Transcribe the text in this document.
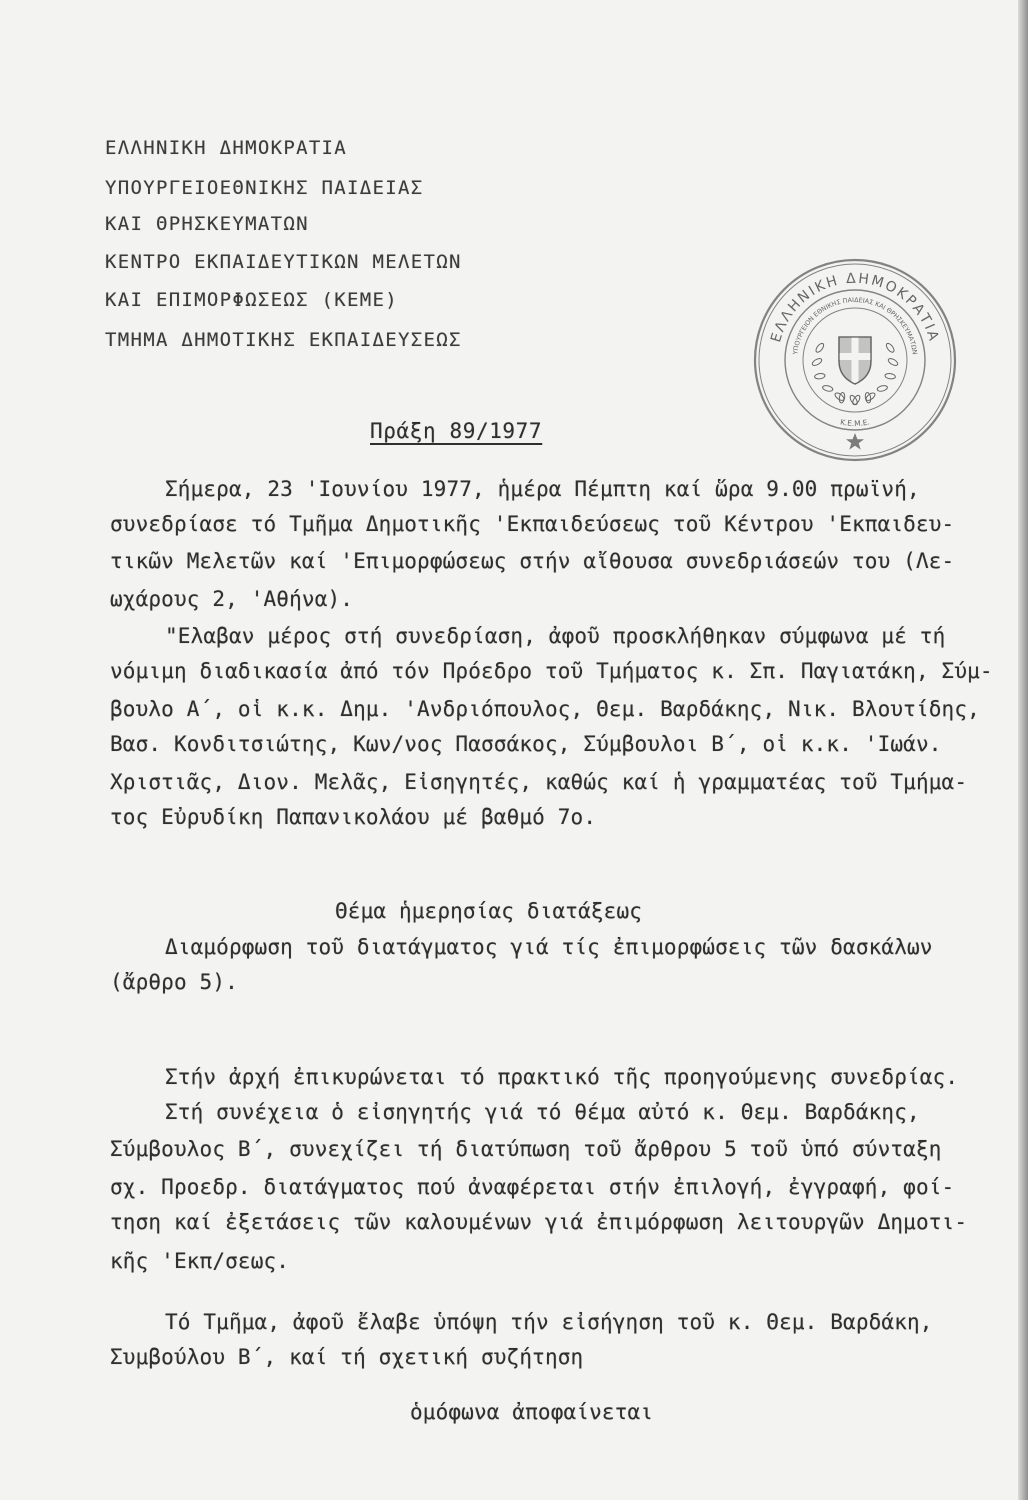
ΕΛΛΗΝΙΚΗ ΔΗΜΟΚΡΑΤΙΑ
ΥΠΟΥΡΓΕΙΟΕΘΝΙΚΗΣ ΠΑΙΔΕΙΑΣ
ΚΑΙ ΘΡΗΣΚΕΥΜΑΤΩΝ
ΚΕΝΤΡΟ ΕΚΠΑΙΔΕΥΤΙΚΩΝ ΜΕΛΕΤΩΝ
ΚΑΙ ΕΠΙΜΟΡΦΩΣΕΩΣ (ΚΕΜΕ)
ΤΜΗΜΑ ΔΗΜΟΤΙΚΗΣ ΕΚΠΑΙΔΕΥΣΕΩΣ	ΕΛΛΗΝΙΚΗ ΔΗΜΟΚΡΑΤΙΑ
ΥΠΟΥΡΓΕΙΟΝ ΕΘΝΙΚΗΣ ΠΑΙΔΕΙΑΣ ΚΑΙ ΘΡΗΣΚΕΥΜΑΤΩΝ
Κ.Ε.Μ.Ε.
Πράξη 89/1977
Σήμερα, 23 'Ιουνίου 1977, ἡμέρα Πέμπτη καί ὥρα 9.00 πρωϊνή,
συνεδρίασε τό Τμῆμα Δημοτικῆς 'Εκπαιδεύσεως τοῦ Κέντρου 'Εκπαιδευ-
τικῶν Μελετῶν καί 'Επιμορφώσεως στήν αἴθουσα συνεδριάσεών του (Λε-
ωχάρους 2, 'Αθήνα).
"Ελαβαν μέρος στή συνεδρίαση, ἀφοῦ προσκλήθηκαν σύμφωνα μέ τή
νόμιμη διαδικασία ἀπό τόν Πρόεδρο τοῦ Τμήματος κ. Σπ. Παγιατάκη, Σύμ-
βουλο Α΄, οἱ κ.κ. Δημ. 'Ανδριόπουλος, Θεμ. Βαρδάκης, Νικ. Βλουτίδης,
Βασ. Κονδιτσιώτης, Κων/νος Πασσάκος, Σύμβουλοι Β΄, οἱ κ.κ. 'Ιωάν.
Χριστιᾶς, Διον. Μελᾶς, Εἰσηγητές, καθώς καί ἡ γραμματέας τοῦ Τμήμα-
τος Εὐρυδίκη Παπανικολάου μέ βαθμό 7ο.
Θέμα ἡμερησίας διατάξεως
Διαμόρφωση τοῦ διατάγματος γιά τίς ἐπιμορφώσεις τῶν δασκάλων
(ἄρθρο 5).
Στήν ἀρχή ἐπικυρώνεται τό πρακτικό τῆς προηγούμενης συνεδρίας.
Στή συνέχεια ὁ εἰσηγητής γιά τό θέμα αὐτό κ. Θεμ. Βαρδάκης,
Σύμβουλος Β΄, συνεχίζει τή διατύπωση τοῦ ἄρθρου 5 τοῦ ὑπό σύνταξη
σχ. Προεδρ. διατάγματος πού ἀναφέρεται στήν ἐπιλογή, ἐγγραφή, φοί-
τηση καί ἐξετάσεις τῶν καλουμένων γιά ἐπιμόρφωση λειτουργῶν Δημοτι-
κῆς 'Εκπ/σεως.
Τό Τμῆμα, ἀφοῦ ἔλαβε ὑπόψη τήν εἰσήγηση τοῦ κ. Θεμ. Βαρδάκη,
Συμβούλου Β΄, καί τή σχετική συζήτηση
ὁμόφωνα ἀποφαίνεται
